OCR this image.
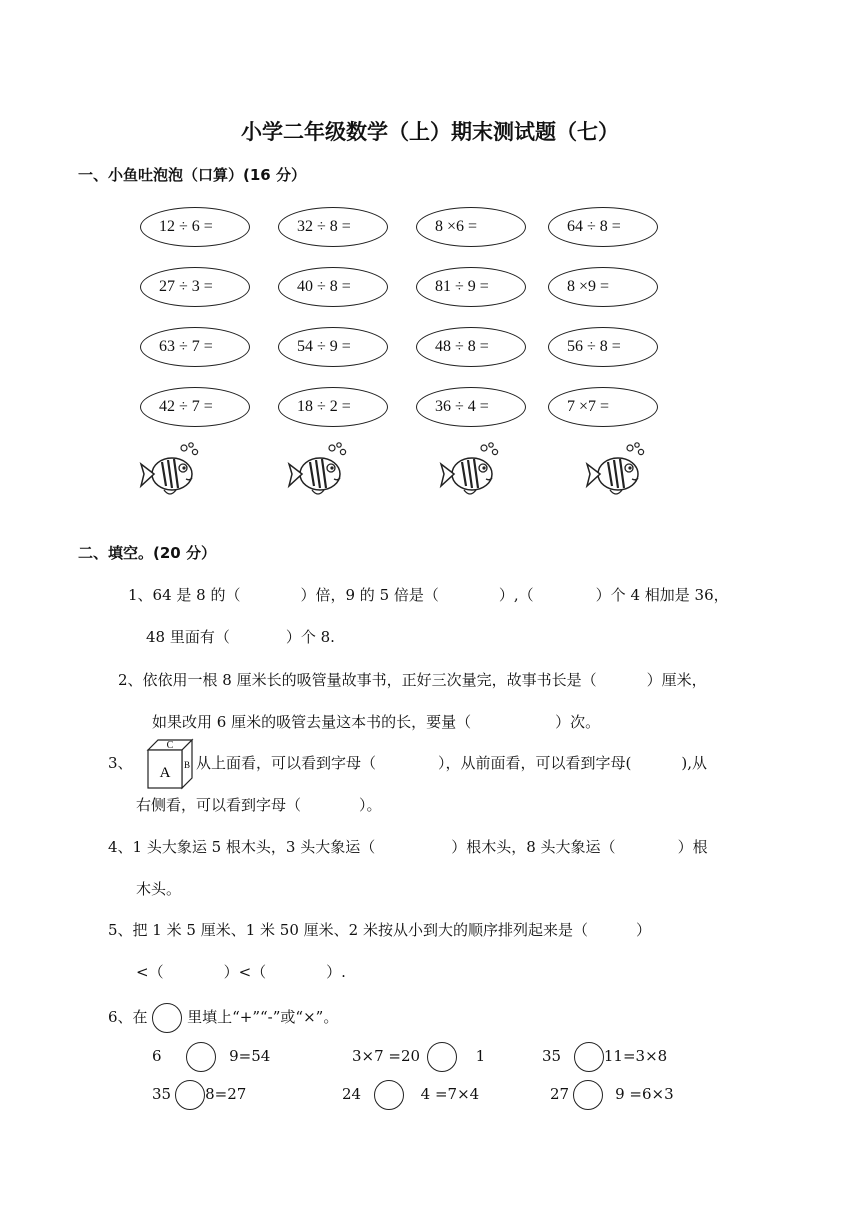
小学二年级数学（上）期末测试题（七）
一、小鱼吐泡泡（口算）(16 分）
12 ÷ 6 =	32 ÷ 8 =	8 ×6 =	64 ÷ 8 =
27 ÷ 3 =	40 ÷ 8 =	81 ÷ 9 =	8 ×9 =
63 ÷ 7 =	54 ÷ 9 =	48 ÷ 8 =	56 ÷ 8 =
42 ÷ 7 =	18 ÷ 2 =	36 ÷ 4 =	7 ×7 =
二、填空。(20 分）
1、64 是 8 的（	）倍，9 的 5 倍是（	）,（	）个 4 相加是 36，
48 里面有（	）个 8.
2、依依用一根 8 厘米长的吸管量故事书，正好三次量完，故事书长是（	）厘米，
如果改用 6 厘米的吸管去量这本书的长，要量（	）次。
3、
C
A B 从上面看，可以看到字母（	），从前面看，可以看到字母(	),从
右侧看，可以看到字母（	）。
4、1 头大象运 5 根木头，3 头大象运（	）根木头，8 头大象运（	）根
木头。
5、把 1 米 5 厘米、1 米 50 厘米、2 米按从小到大的顺序排列起来是（	）
<（	）<（	）.
6、在	里填上“+”“-”或“×”。
6	9=54	3×7 =20	1	35	11=3×8
35 8=27	24	4 =7×4	27	9 =6×3
